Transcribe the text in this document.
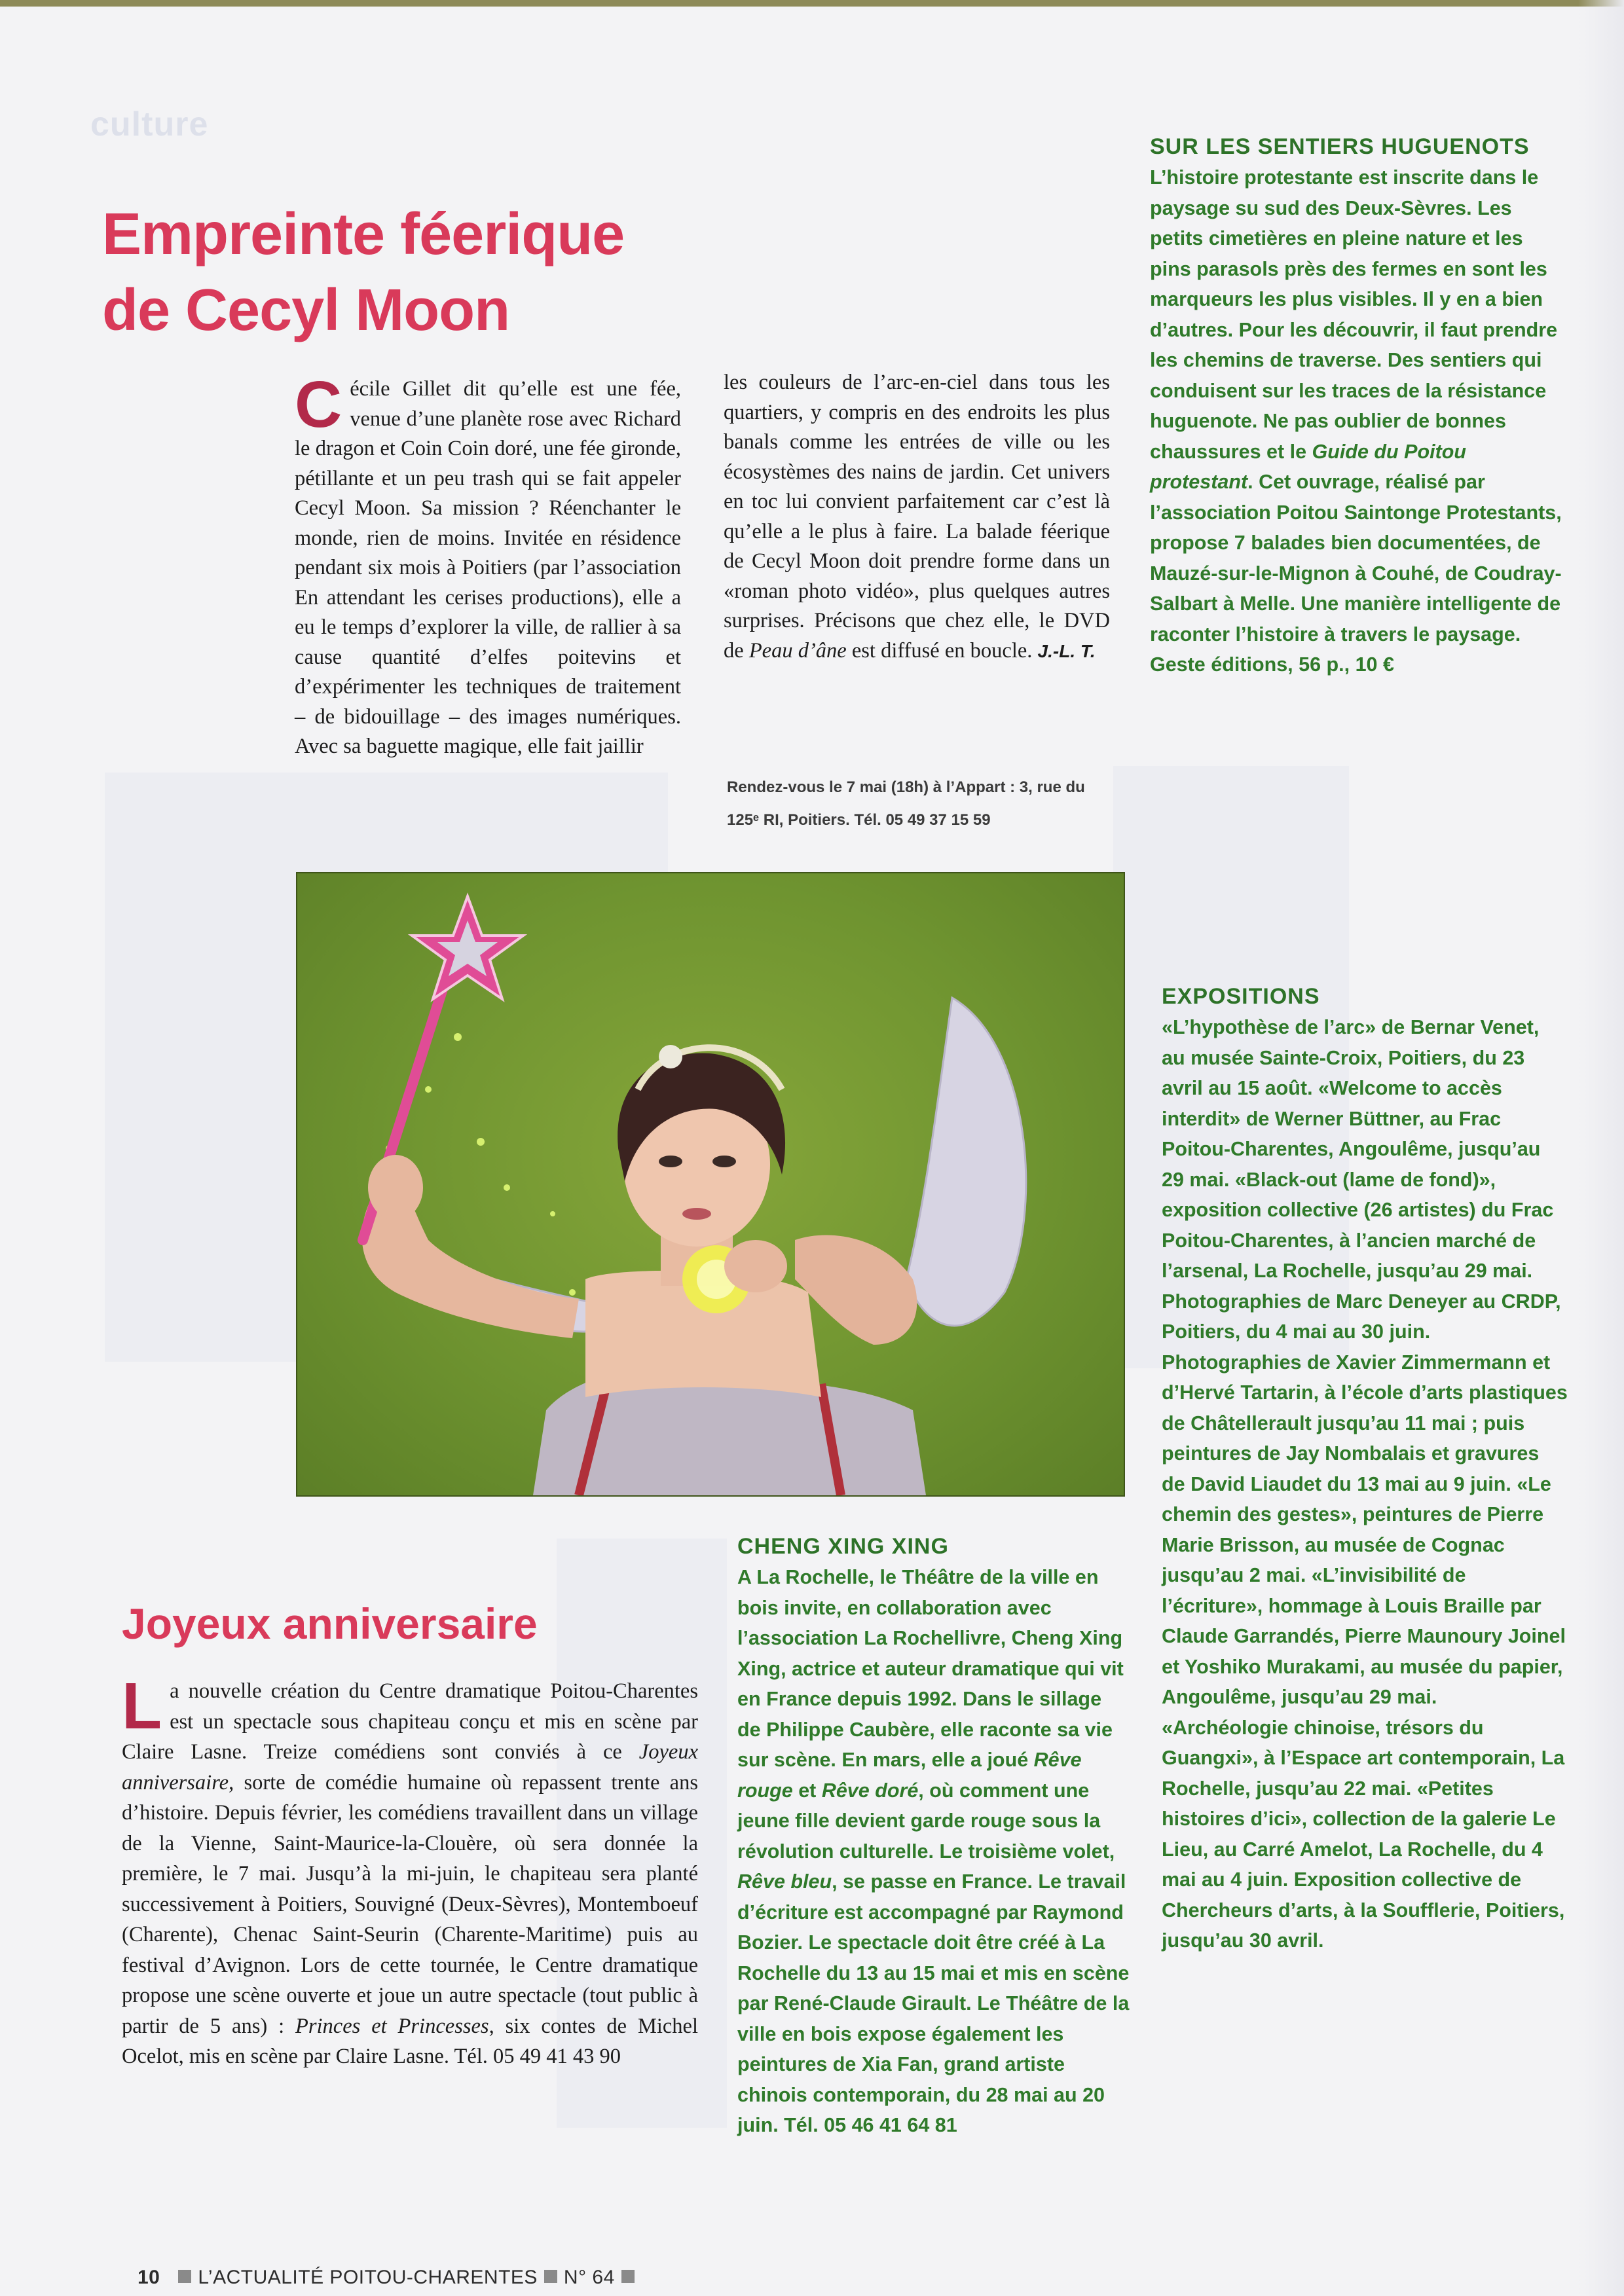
culture
Empreinte féerique
de Cecyl Moon

Cécile Gillet dit qu’elle est une fée, venue d’une planète rose avec Richard le dragon et Coin Coin doré, une fée gironde, pétillante et un peu trash qui se fait appeler Cecyl Moon. Sa mission ? Réenchanter le monde, rien de moins. Invitée en résidence pendant six mois à Poitiers (par l’association En attendant les cerises productions), elle a eu le temps d’explorer la ville, de rallier à sa cause quantité d’elfes poitevins et d’expérimenter les techniques de traitement – de bidouillage – des images numériques. Avec sa baguette magique, elle fait jaillir

les couleurs de l’arc-en-ciel dans tous les quartiers, y compris en des endroits les plus banals comme les entrées de ville ou les écosystèmes des nains de jardin. Cet univers en toc lui convient parfaitement car c’est là qu’elle a le plus à faire. La balade féerique de Cecyl Moon doit prendre forme dans un «roman photo vidéo», plus quelques autres surprises. Précisons que chez elle, le DVD de Peau d’âne est diffusé en boucle. J.-L. T.

Rendez-vous le 7 mai (18h) à l’Appart : 3, rue du 125ᵉ RI, Poitiers. Tél. 05 49 37 15 59

Joyeux anniversaire

La nouvelle création du Centre dramatique Poitou-Charentes est un spectacle sous chapiteau conçu et mis en scène par Claire Lasne. Treize comédiens sont conviés à ce Joyeux anniversaire, sorte de comédie humaine où repassent trente ans d’histoire. Depuis février, les comédiens travaillent dans un village de la Vienne, Saint-Maurice-la-Clouère, où sera donnée la première, le 7 mai. Jusqu’à la mi-juin, le chapiteau sera planté successivement à Poitiers, Souvigné (Deux-Sèvres), Montemboeuf (Charente), Chenac Saint-Seurin (Charente-Maritime) puis au festival d’Avignon. Lors de cette tournée, le Centre dramatique propose une scène ouverte et joue un autre spectacle (tout public à partir de 5 ans) : Princes et Princesses, six contes de Michel Ocelot, mis en scène par Claire Lasne. Tél. 05 49 41 43 90

SUR LES SENTIERS HUGUENOTS
L’histoire protestante est inscrite dans le paysage su sud des Deux-Sèvres. Les petits cimetières en pleine nature et les pins parasols près des fermes en sont les marqueurs les plus visibles. Il y en a bien d’autres. Pour les découvrir, il faut prendre les chemins de traverse. Des sentiers qui conduisent sur les traces de la résistance huguenote. Ne pas oublier de bonnes chaussures et le Guide du Poitou protestant. Cet ouvrage, réalisé par l’association Poitou Saintonge Protestants, propose 7 balades bien documentées, de Mauzé-sur-le-Mignon à Couhé, de Coudray-Salbart à Melle. Une manière intelligente de raconter l’histoire à travers le paysage.
Geste éditions, 56 p., 10 €
EXPOSITIONS
«L’hypothèse de l’arc» de Bernar Venet, au musée Sainte-Croix, Poitiers, du 23 avril au 15 août. «Welcome to accès interdit» de Werner Büttner, au Frac Poitou-Charentes, Angoulême, jusqu’au 29 mai. «Black-out (lame de fond)», exposition collective (26 artistes) du Frac Poitou-Charentes, à l’ancien marché de l’arsenal, La Rochelle, jusqu’au 29 mai. Photographies de Marc Deneyer au CRDP, Poitiers, du 4 mai au 30 juin. Photographies de Xavier Zimmermann et d’Hervé Tartarin, à l’école d’arts plastiques de Châtellerault jusqu’au 11 mai ; puis peintures de Jay Nombalais et gravures de David Liaudet du 13 mai au 9 juin. «Le chemin des gestes», peintures de Pierre Marie Brisson, au musée de Cognac jusqu’au 2 mai. «L’invisibilité de l’écriture», hommage à Louis Braille par Claude Garrandés, Pierre Maunoury Joinel et Yoshiko Murakami, au musée du papier, Angoulême, jusqu’au 29 mai. «Archéologie chinoise, trésors du Guangxi», à l’Espace art contemporain, La Rochelle, jusqu’au 22 mai. «Petites histoires d’ici», collection de la galerie Le Lieu, au Carré Amelot, La Rochelle, du 4 mai au 4 juin. Exposition collective de Chercheurs d’arts, à la Soufflerie, Poitiers, jusqu’au 30 avril.
CHENG XING XING
A La Rochelle, le Théâtre de la ville en bois invite, en collaboration avec l’association La Rochellivre, Cheng Xing Xing, actrice et auteur dramatique qui vit en France depuis 1992. Dans le sillage de Philippe Caubère, elle raconte sa vie sur scène. En mars, elle a joué Rêve rouge et Rêve doré, où comment une jeune fille devient garde rouge sous la révolution culturelle. Le troisième volet, Rêve bleu, se passe en France. Le travail d’écriture est accompagné par Raymond Bozier. Le spectacle doit être créé à La Rochelle du 13 au 15 mai et mis en scène par René-Claude Girault. Le Théâtre de la ville en bois expose également les peintures de Xia Fan, grand artiste chinois contemporain, du 28 mai au 20 juin. Tél. 05 46 41 64 81

10 L’ACTUALITÉ POITOU-CHARENTES N° 64
